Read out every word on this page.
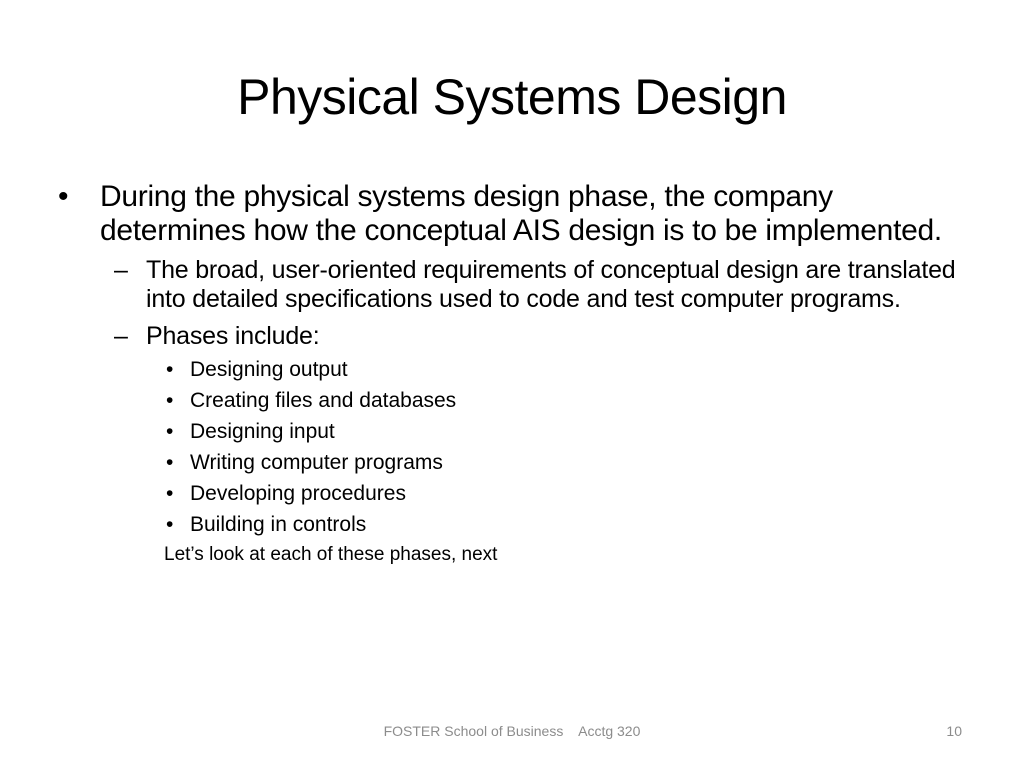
Physical Systems Design
• During the physical systems design phase, the company determines how the conceptual AIS design is to be implemented.
– The broad, user-oriented requirements of conceptual design are translated into detailed specifications used to code and test computer programs.
– Phases include:
• Designing output
• Creating files and databases
• Designing input
• Writing computer programs
• Developing procedures
• Building in controls
Let’s look at each of these phases, next
FOSTER School of Business    Acctg 320	10
